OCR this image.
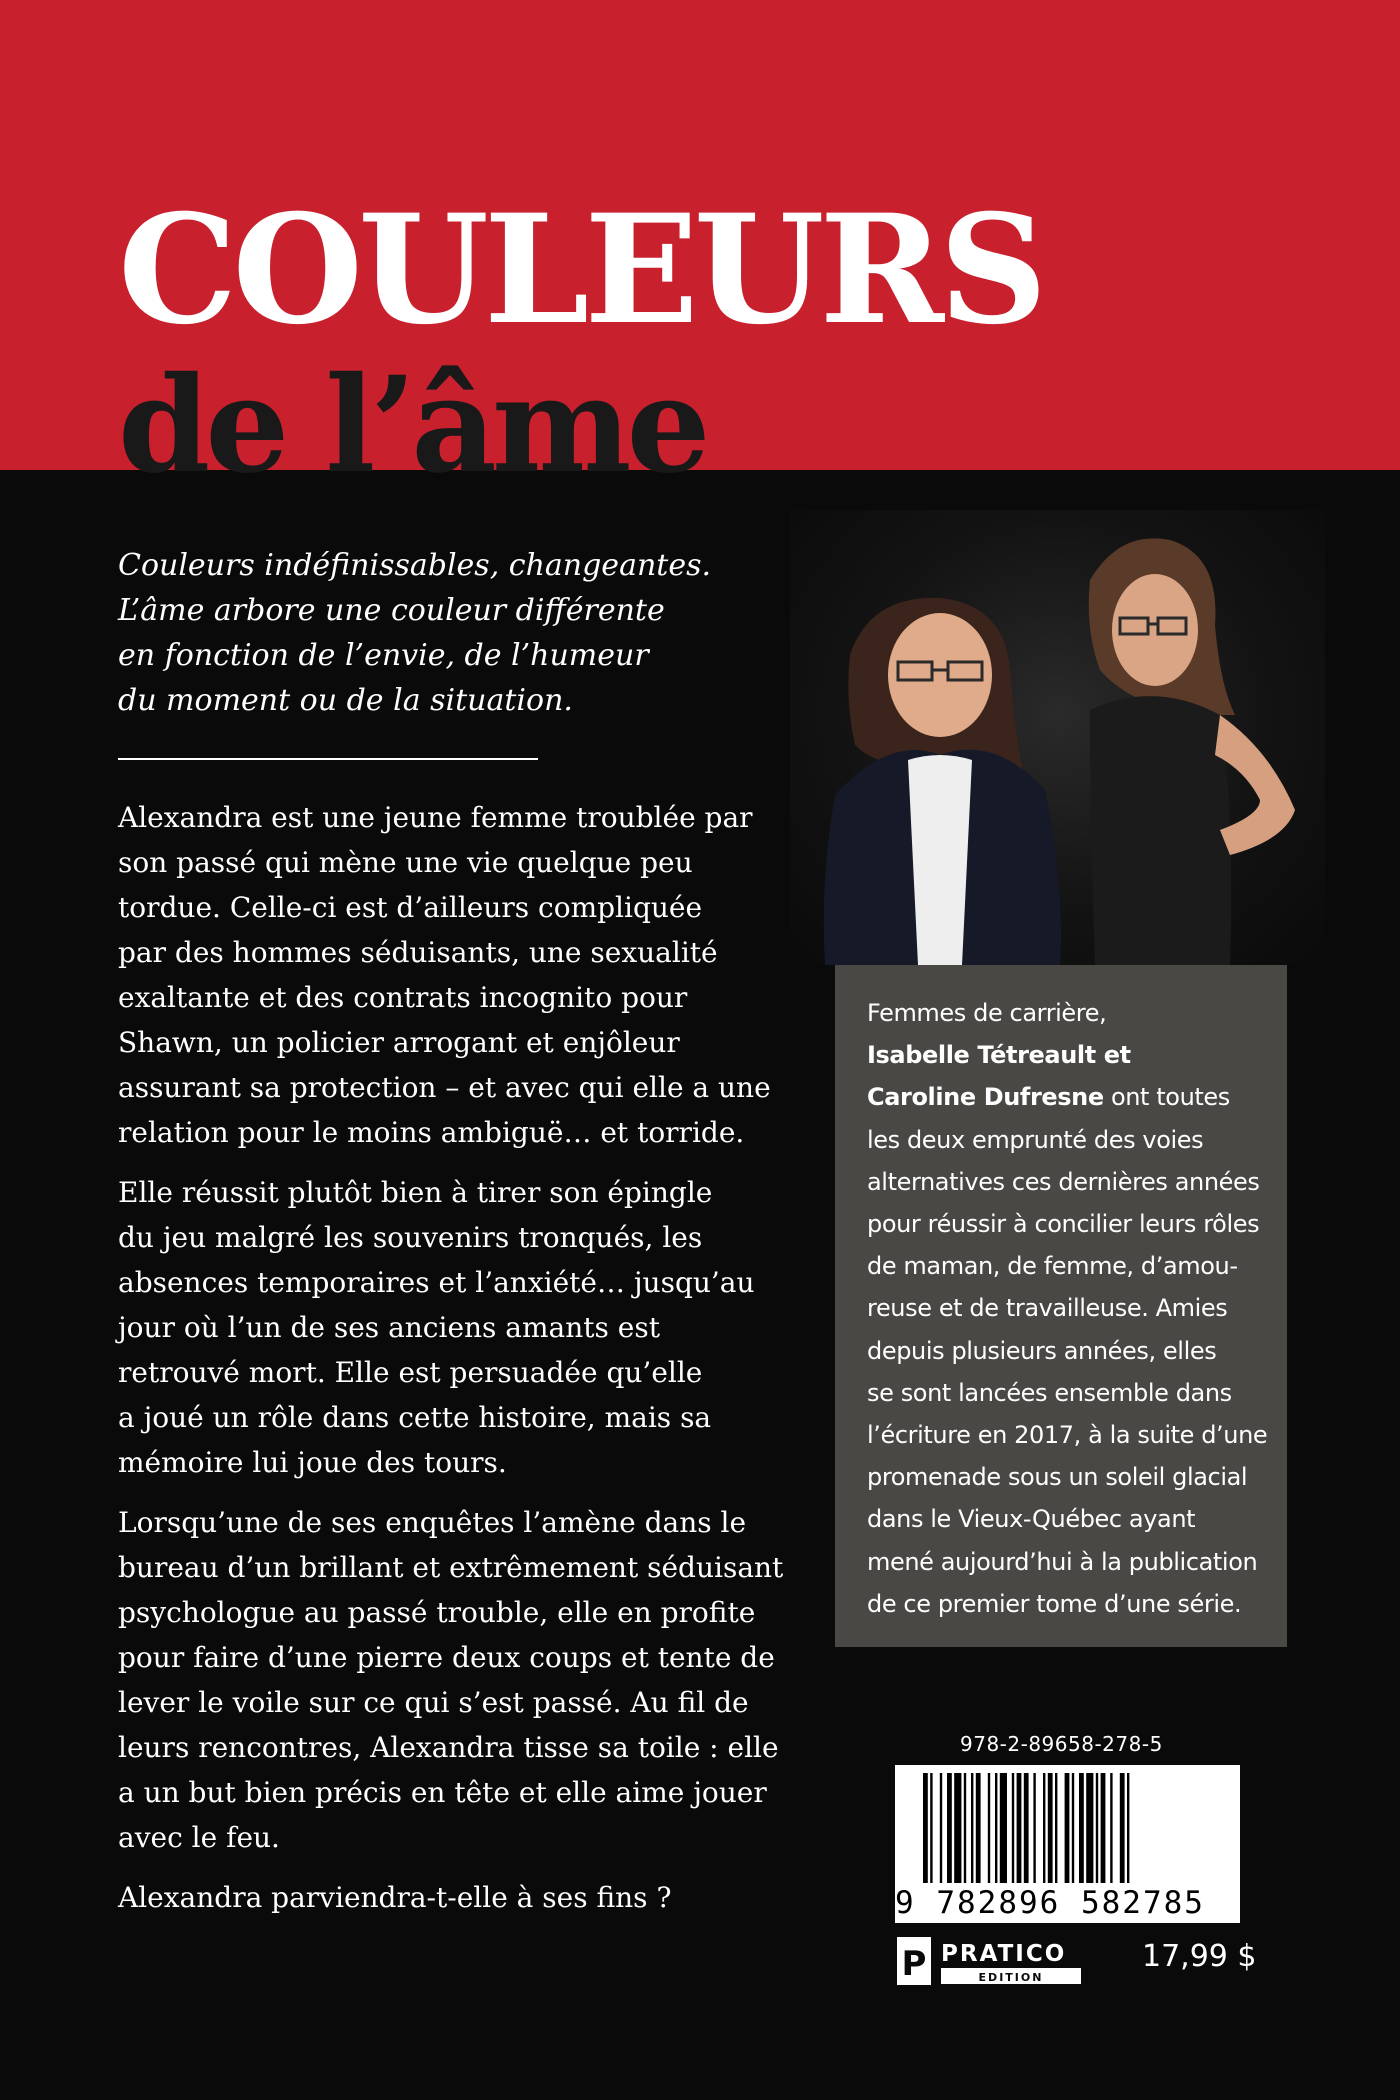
COULEURS
de l’âme
Couleurs indéfinissables, changeantes.
L’âme arbore une couleur différente
en fonction de l’envie, de l’humeur
du moment ou de la situation.

Alexandra est une jeune femme troublée par
son passé qui mène une vie quelque peu
tordue. Celle-ci est d’ailleurs compliquée
par des hommes séduisants, une sexualité
exaltante et des contrats incognito pour
Shawn, un policier arrogant et enjôleur
assurant sa protection – et avec qui elle a une
relation pour le moins ambiguë… et torride.

Elle réussit plutôt bien à tirer son épingle
du jeu malgré les souvenirs tronqués, les
absences temporaires et l’anxiété… jusqu’au
jour où l’un de ses anciens amants est
retrouvé mort. Elle est persuadée qu’elle
a joué un rôle dans cette histoire, mais sa
mémoire lui joue des tours.

Lorsqu’une de ses enquêtes l’amène dans le
bureau d’un brillant et extrêmement séduisant
psychologue au passé trouble, elle en profite
pour faire d’une pierre deux coups et tente de
lever le voile sur ce qui s’est passé. Au fil de
leurs rencontres, Alexandra tisse sa toile : elle
a un but bien précis en tête et elle aime jouer
avec le feu.

Alexandra parviendra-t-elle à ses fins ?

Femmes de carrière,
Isabelle Tétreault et
Caroline Dufresne ont toutes
les deux emprunté des voies
alternatives ces dernières années
pour réussir à concilier leurs rôles
de maman, de femme, d’amou-
reuse et de travailleuse. Amies
depuis plusieurs années, elles
se sont lancées ensemble dans
l’écriture en 2017, à la suite d’une
promenade sous un soleil glacial
dans le Vieux-Québec ayant
mené aujourd’hui à la publication
de ce premier tome d’une série.
978-2-89658-278-5
9 782896 582785
P PRATICO
EDITION
17,99 $
